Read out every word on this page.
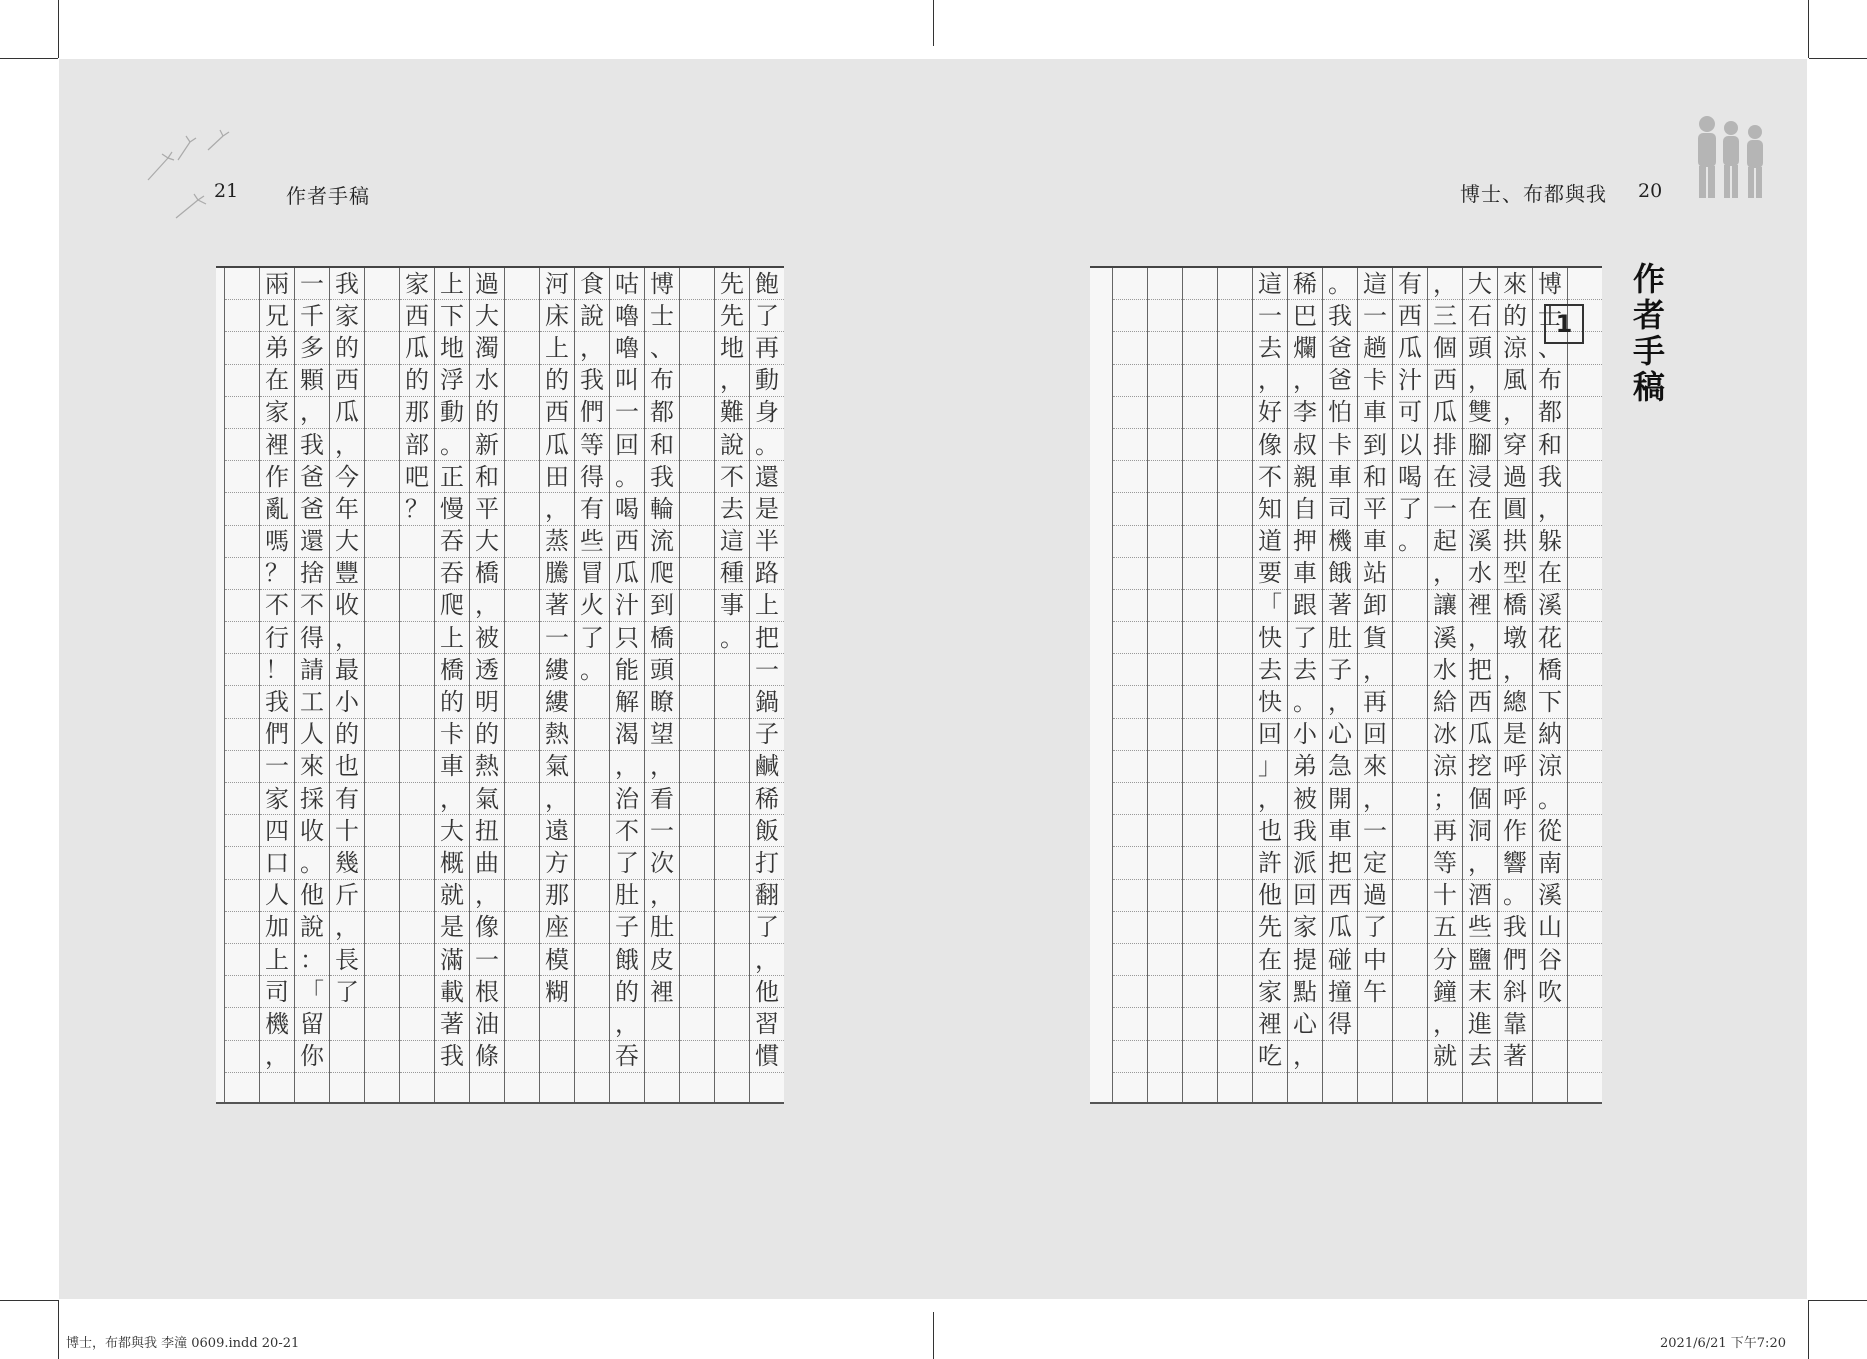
21 作者手稿	博士、布都與我 20
作者手稿
飽
了
再
動
身
。
還
是
半
路
上
把
一
鍋
子
鹹
稀
飯
打
翻
了
，
他
習
慣
先
先
地
，
難
說
不
去
這
種
事
。
博
士
、
布
都
和
我
輪
流
爬
到
橋
頭
瞭
望
，
看
一
次
，
肚
皮
裡
咕
嚕
嚕
叫
一
回
。
喝
西
瓜
汁
只
能
解
渴
，
治
不
了
肚
子
餓
的
，
吞
食
說
，
我
們
等
得
有
些
冒
火
了
。
河
床
上
的
西
瓜
田
，
蒸
騰
著
一
縷
縷
熱
氣
，
遠
方
那
座
模
糊
過
大
濁
水
的
新
和
平
大
橋
，
被
透
明
的
熱
氣
扭
曲
，
像
一
根
油
條
上
下
地
浮
動
。
正
慢
吞
吞
爬
上
橋
的
卡
車
，
大
概
就
是
滿
載
著
我
家
西
瓜
的
那
部
吧
？
我
家
的
西
瓜
，
今
年
大
豐
收
，
最
小
的
也
有
十
幾
斤
，
長
了
一
千
多
顆
，
我
爸
爸
還
捨
不
得
請
工
人
來
採
收
。
他
說
：
「
留
你
兩
兄
弟
在
家
裡
作
亂
嗎
？
不
行
！
我
們
一
家
四
口
人
加
上
司
機
，
博
士
、
布
都
和
我
，
躲
在
溪
花
橋
下
納
涼
。
從
南
溪
山
谷
吹
來
的
涼
風
，
穿
過
圓
拱
型
橋
墩
，
總
是
呼
呼
作
響
。
我
們
斜
靠
著
大
石
頭
，
雙
腳
浸
在
溪
水
裡
，
把
西
瓜
挖
個
洞
，
酒
些
鹽
末
進
去
，
三
個
西
瓜
排
在
一
起
，
讓
溪
水
給
冰
涼
；
再
等
十
五
分
鐘
，
就
有
西
瓜
汁
可
以
喝
了
。
這
一
趟
卡
車
到
和
平
車
站
卸
貨
，
再
回
來
，
一
定
過
了
中
午
。
我
爸
爸
怕
卡
車
司
機
餓
著
肚
子
，
心
急
開
車
把
西
瓜
碰
撞
得
稀
巴
爛
，
李
叔
親
自
押
車
跟
了
去
。
小
弟
被
我
派
回
家
提
點
心
，
這
一
去
，
好
像
不
知
道
要
「
快
去
快
回
」
，
也
許
他
先
在
家
裡
吃
1
博士，布都與我 李潼 0609.indd 20-21	2021/6/21 下午7:20
